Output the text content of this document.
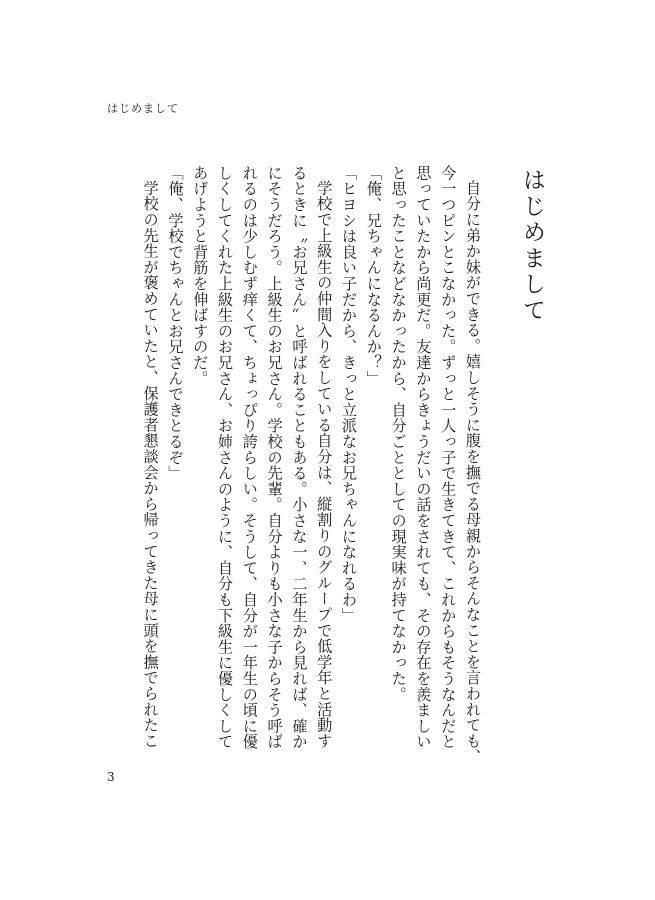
はじめまして
はじめまして

自分に弟か妹ができる。嬉しそうに腹を撫でる母親からそんなことを言われても、

今一つピンとこなかった。ずっと一人っ子で生きてきて、これからもそうなんだと

思っていたから尚更だ。友達からきょうだいの話をされても、その存在を羨ましい

と思ったことなどなかったから、自分ごととしての現実味が持てなかった。

「俺、兄ちゃんになるんか？」

「ヒヨシは良い子だから、きっと立派なお兄ちゃんになれるわ」

学校で上級生の仲間入りをしている自分は、縦割りのグループで低学年と活動す

るときに〝お兄さん〟と呼ばれることもある。小さな一、二年生から見れば、確か

にそうだろう。上級生のお兄さん。学校の先輩。自分よりも小さな子からそう呼ば

れるのは少しむず痒くて、ちょっぴり誇らしい。そうして、自分が一年生の頃に優

しくしてくれた上級生のお兄さん、お姉さんのように、自分も下級生に優しくして

あげようと背筋を伸ばすのだ。

「俺、学校でちゃんとお兄さんできとるぞ」

学校の先生が褒めていたと、保護者懇談会から帰ってきた母に頭を撫でられたこ

3
